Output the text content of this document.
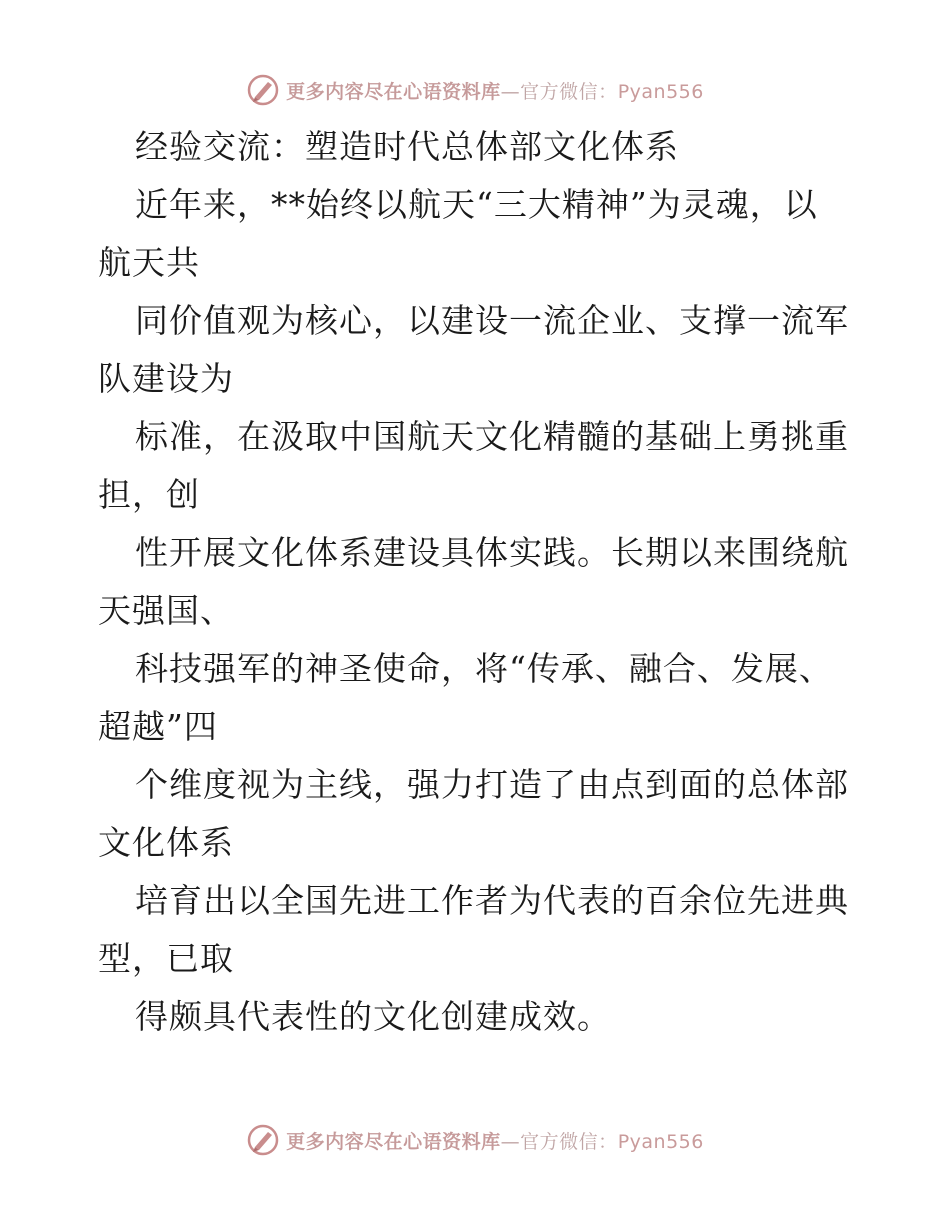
更多内容尽在心语资料库—官方微信：Pyan556
经验交流：塑造时代总体部文化体系
近年来，**始终以航天“三大精神”为灵魂，以
航天共
同价值观为核心，以建设一流企业、支撑一流军
队建设为
标准，在汲取中国航天文化精髓的基础上勇挑重
担，创
性开展文化体系建设具体实践。长期以来围绕航
天强国、
科技强军的神圣使命，将“传承、融合、发展、
超越”四
个维度视为主线，强力打造了由点到面的总体部
文化体系
培育出以全国先进工作者为代表的百余位先进典
型，已取
得颇具代表性的文化创建成效。
更多内容尽在心语资料库—官方微信：Pyan556
